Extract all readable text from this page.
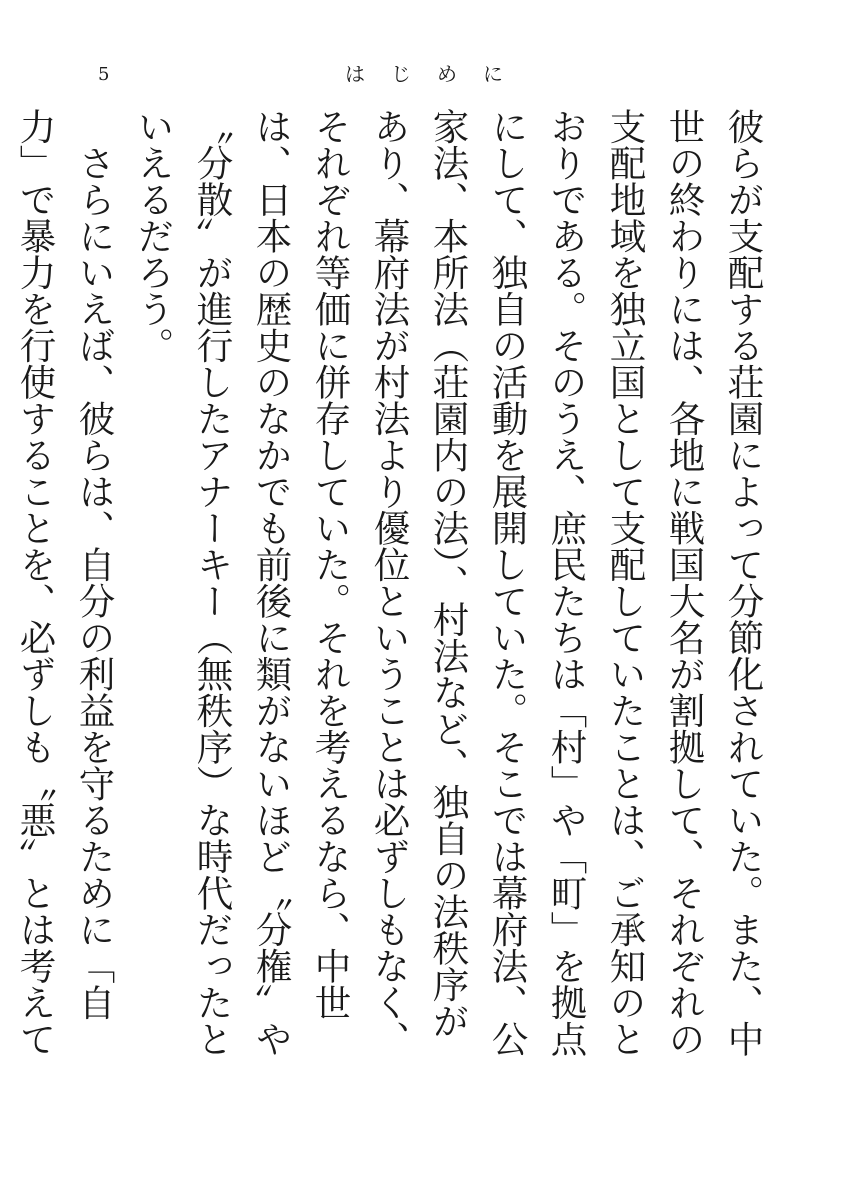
5	はじめに

彼らが支配する荘園によって分節化されていた。また、中世の終わりには、各地に戦国大名が割拠して、それぞれの支配地域を独立国として支配していたことは、ご承知のとおりである。そのうえ、庶民たちは「村」や「町」を拠点にして、独自の活動を展開していた。そこでは幕府法、公家法、本所法（荘園内の法）、村法など、独自の法秩序があり、幕府法が村法より優位ということは必ずしもなく、それぞれ等価に併存していた。それを考えるなら、中世は、日本の歴史のなかでも前後に類がないほど〝分権〟や〝分散〟が進行したアナーキー（無秩序）な時代だったといえるだろう。

　さらにいえば、彼らは、自分の利益を守るために「自力」で暴力を行使することを、必ずしも〝悪〟とは考えて
